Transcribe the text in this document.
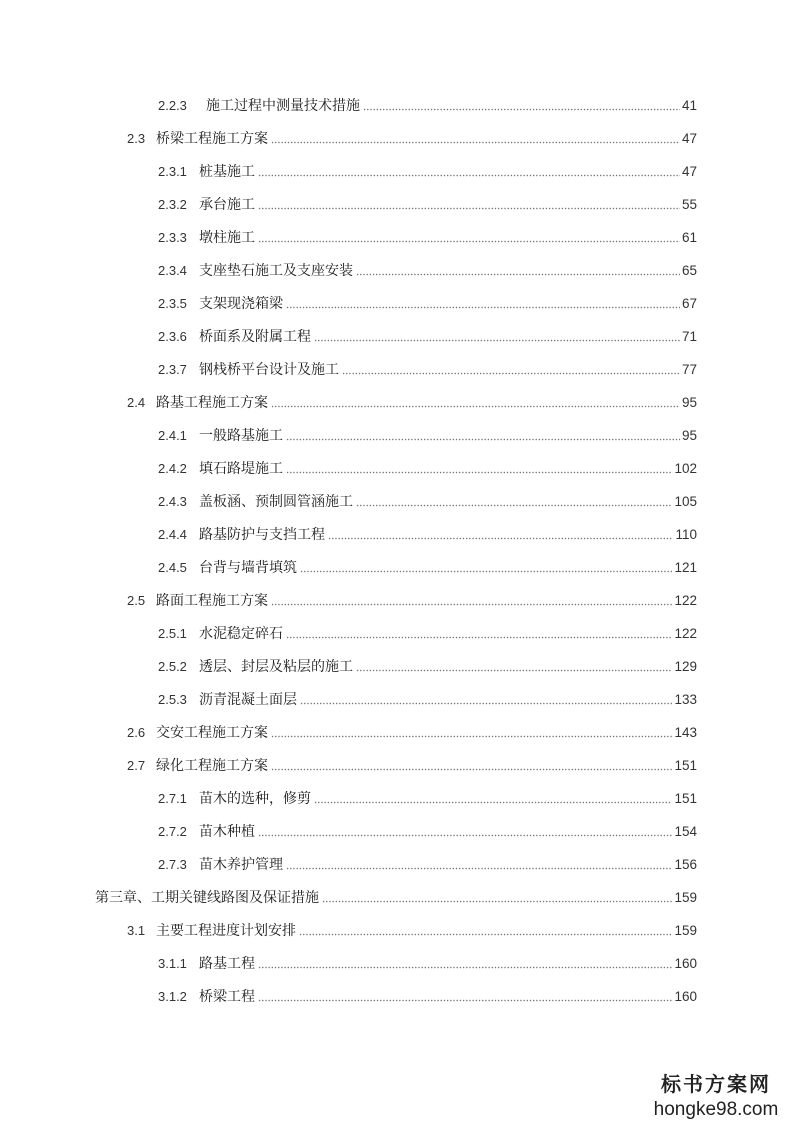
2.2.3	施工过程中测量技术措施	41
2.3 桥梁工程施工方案	47
2.3.1 桩基施工	47
2.3.2 承台施工	55
2.3.3 墩柱施工	61
2.3.4 支座垫石施工及支座安装	65
2.3.5 支架现浇箱梁	67
2.3.6 桥面系及附属工程	71
2.3.7 钢栈桥平台设计及施工	77
2.4 路基工程施工方案	95
2.4.1 一般路基施工	95
2.4.2 填石路堤施工	102
2.4.3 盖板涵、预制圆管涵施工	105
2.4.4 路基防护与支挡工程	110
2.4.5 台背与墙背填筑	121
2.5 路面工程施工方案	122
2.5.1 水泥稳定碎石	122
2.5.2 透层、封层及粘层的施工	129
2.5.3 沥青混凝土面层	133
2.6 交安工程施工方案	143
2.7 绿化工程施工方案	151
2.7.1 苗木的选种，修剪	151
2.7.2 苗木种植	154
2.7.3 苗木养护管理	156
第三章、工期关键线路图及保证措施	159
3.1 主要工程进度计划安排	159
3.1.1 路基工程	160
3.1.2 桥梁工程	160
标书方案网
hongke98.com
